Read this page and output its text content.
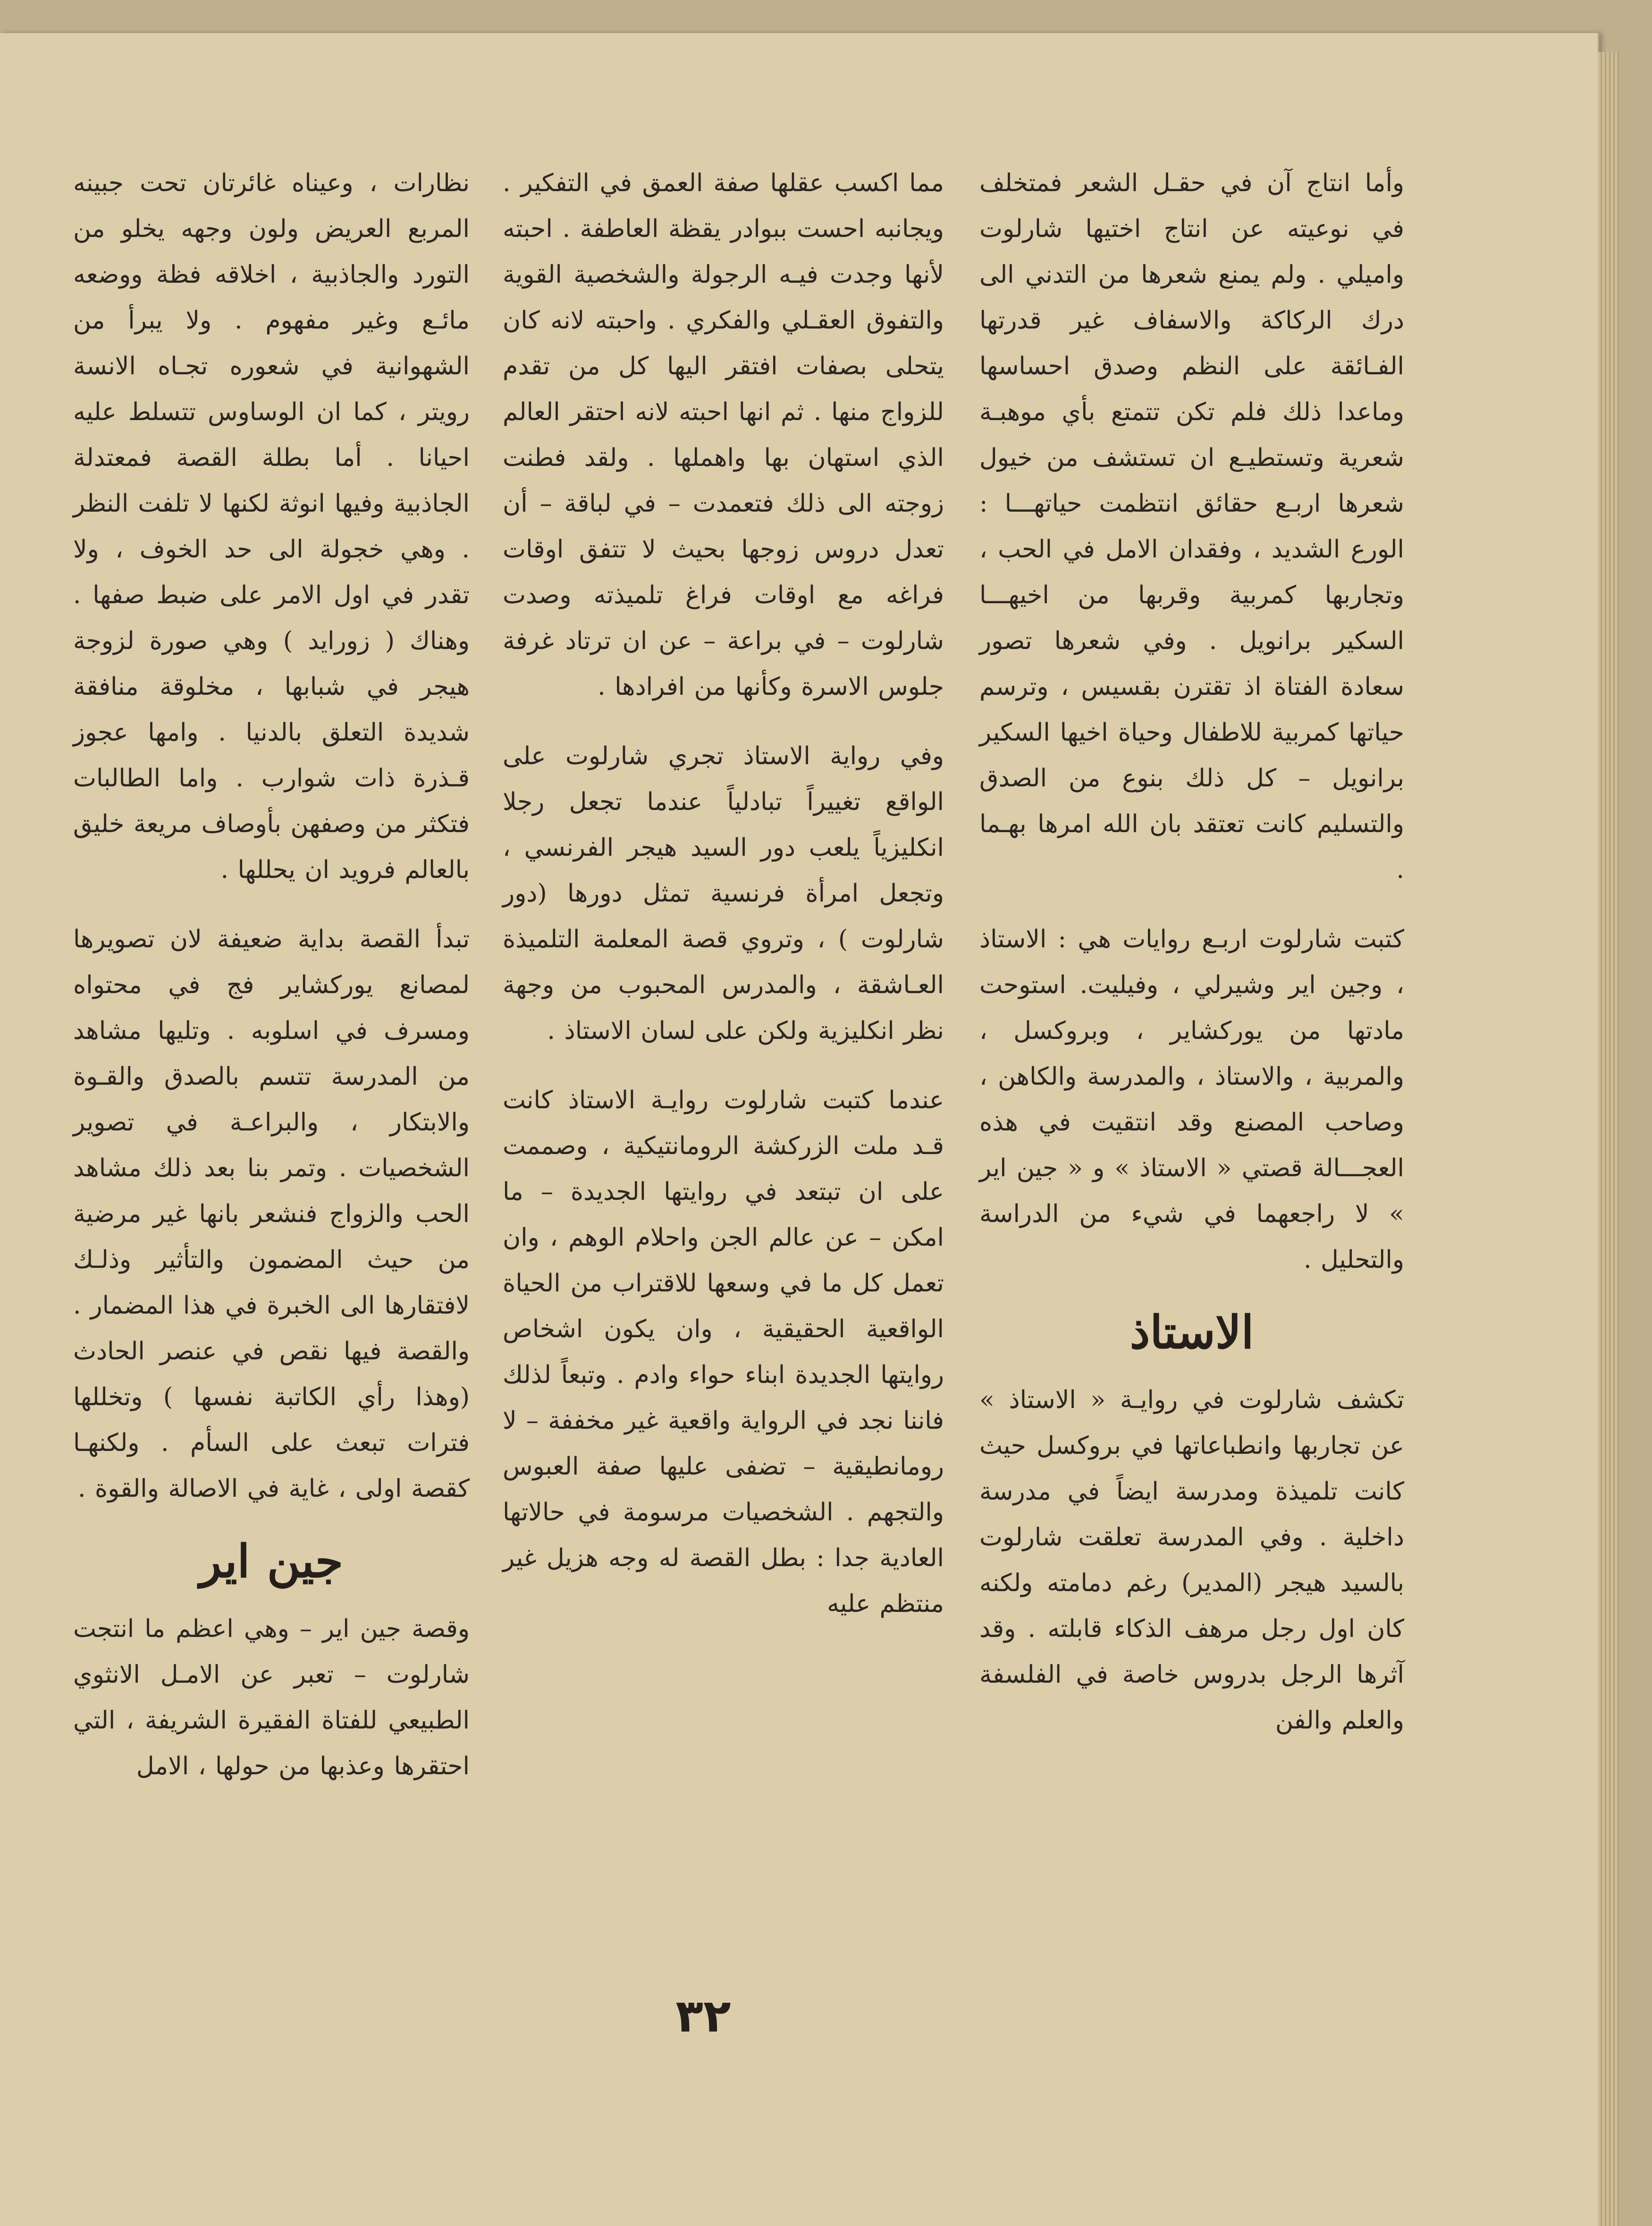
وأما انتاج آن في حقـل الشعر فمتخلف في نوعيته عن انتاج اختيها شارلوت واميلي . ولم يمنع شعرها من التدني الى درك الركاكة والاسفاف غير قدرتها الفـائقة على النظم وصدق احساسها وماعدا ذلك فلم تكن تتمتع بأي موهبـة شعرية وتستطيـع ان تستشف من خيول شعرها اربـع حقائق انتظمت حياتهـــا : الورع الشديد ، وفقدان الامل في الحب ، وتجاربها كمربية وقربها من اخيهـــا السكير برانويل . وفي شعرها تصور سعادة الفتاة اذ تقترن بقسيس ، وترسم حياتها كمربية للاطفال وحياة اخيها السكير برانويل – كل ذلك بنوع من الصدق والتسليم كانت تعتقد بان الله امرها بهـما .

كتبت شارلوت اربـع روايات هي : الاستاذ ، وجين اير وشيرلي ، وفيليت. استوحت مادتها من يوركشاير ، وبروكسل ، والمربية ، والاستاذ ، والمدرسة والكاهن ، وصاحب المصنع وقد انتقيت في هذه العجـــالة قصتي « الاستاذ » و « جين اير » لا راجعهما في شيء من الدراسة والتحليل .

الاستاذ

تكشف شارلوت في روايـة « الاستاذ » عن تجاربها وانطباعاتها في بروكسل حيث كانت تلميذة ومدرسة ايضاً في مدرسة داخلية . وفي المدرسة تعلقت شارلوت بالسيد هيجر (المدير) رغم دمامته ولكنه كان اول رجل مرهف الذكاء قابلته . وقد آثرها الرجل بدروس خاصة في الفلسفة والعلم والفن

مما اكسب عقلها صفة العمق في التفكير . ويجانبه احست ببوادر يقظة العاطفة . احبته لأنها وجدت فيـه الرجولة والشخصية القوية والتفوق العقـلي والفكري . واحبته لانه كان يتحلى بصفات افتقر اليها كل من تقدم للزواج منها . ثم انها احبته لانه احتقر العالم الذي استهان بها واهملها . ولقد فطنت زوجته الى ذلك فتعمدت – في لباقة – أن تعدل دروس زوجها بحيث لا تتفق اوقات فراغه مع اوقات فراغ تلميذته وصدت شارلوت – في براعة – عن ان ترتاد غرفة جلوس الاسرة وكأنها من افرادها .

وفي رواية الاستاذ تجري شارلوت على الواقع تغييراً تبادلياً عندما تجعل رجلا انكليزياً يلعب دور السيد هيجر الفرنسي ، وتجعل امرأة فرنسية تمثل دورها (دور شارلوت ) ، وتروي قصة المعلمة التلميذة العـاشقة ، والمدرس المحبوب من وجهة نظر انكليزية ولكن على لسان الاستاذ .

عندما كتبت شارلوت روايـة الاستاذ كانت قـد ملت الزركشة الرومانتيكية ، وصممت على ان تبتعد في روايتها الجديدة – ما امكن – عن عالم الجن واحلام الوهم ، وان تعمل كل ما في وسعها للاقتراب من الحياة الواقعية الحقيقية ، وان يكون اشخاص روايتها الجديدة ابناء حواء وادم . وتبعاً لذلك فاننا نجد في الرواية واقعية غير مخففة – لا رومانطيقية – تضفى عليها صفة العبوس والتجهم . الشخصيات مرسومة في حالاتها العادية جدا : بطل القصة له وجه هزيل غير منتظم عليه

نظارات ، وعيناه غائرتان تحت جبينه المربع العريض ولون وجهه يخلو من التورد والجاذبية ، اخلاقه فظة ووضعه مائـع وغير مفهوم . ولا يبرأ من الشهوانية في شعوره تجـاه الانسة رويتر ، كما ان الوساوس تتسلط عليه احيانا . أما بطلة القصة فمعتدلة الجاذبية وفيها انوثة لكنها لا تلفت النظر . وهي خجولة الى حد الخوف ، ولا تقدر في اول الامر على ضبط صفها . وهناك ( زورايد ) وهي صورة لزوجة هيجر في شبابها ، مخلوقة منافقة شديدة التعلق بالدنيا . وامها عجوز قـذرة ذات شوارب . واما الطالبات فتكثر من وصفهن بأوصاف مريعة خليق بالعالم فرويد ان يحللها .

تبدأ القصة بداية ضعيفة لان تصويرها لمصانع يوركشاير فج في محتواه ومسرف في اسلوبه . وتليها مشاهد من المدرسة تتسم بالصدق والقـوة والابتكار ، والبراعـة في تصوير الشخصيات . وتمر بنا بعد ذلك مشاهد الحب والزواج فنشعر بانها غير مرضية من حيث المضمون والتأثير وذلـك لافتقارها الى الخبرة في هذا المضمار . والقصة فيها نقص في عنصر الحادث (وهذا رأي الكاتبة نفسها ) وتخللها فترات تبعث على السأم . ولكنهـا كقصة اولى ، غاية في الاصالة والقوة .

جين اير

وقصة جين اير – وهي اعظم ما انتجت شارلوت – تعبر عن الامـل الانثوي الطبيعي للفتاة الفقيرة الشريفة ، التي احتقرها وعذبها من حولها ، الامل

٣٢
